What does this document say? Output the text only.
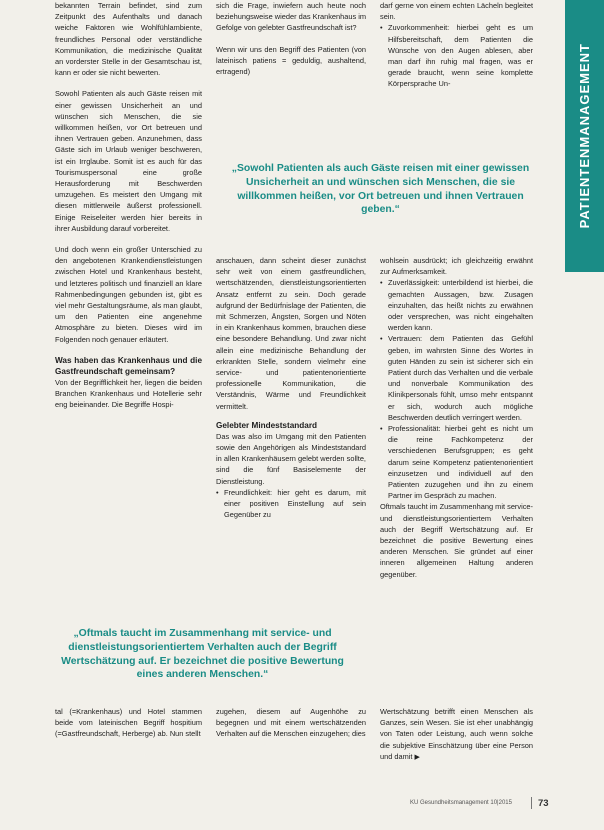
PATIENTENMANAGEMENT

bekannten Terrain befindet, sind zum Zeitpunkt des Aufenthalts und danach weiche Faktoren wie Wohlfühlambiente, freundliches Personal oder verständliche Kommunikation, die medizinische Qualität an vorderster Stelle in der Gesamtschau ist, kann er oder sie nicht bewerten.

Sowohl Patienten als auch Gäste reisen mit einer gewissen Unsicherheit an und wünschen sich Menschen, die sie willkommen heißen, vor Ort betreuen und ihnen Vertrauen geben. Anzunehmen, dass Gäste sich im Urlaub weniger beschweren, ist ein Irrglaube. Somit ist es auch für das Tourismuspersonal eine große Herausforderung mit Beschwerden umzugehen. Es meistert den Umgang mit diesen mittlerweile äußerst professionell. Einige Reiseleiter werden hier bereits in ihrer Ausbildung darauf vorbereitet.

Und doch wenn ein großer Unterschied zu den angebotenen Krankendienstleistungen zwischen Hotel und Krankenhaus besteht, und letzteres politisch und finanziell an klare Rahmenbedingungen gebunden ist, gibt es viel mehr Gestaltungsräume, als man glaubt, um den Patienten eine angenehme Atmosphäre zu bieten. Dieses wird im Folgenden noch genauer erläutert.

Was haben das Krankenhaus und die Gastfreundschaft gemeinsam?

Von der Begrifflichkeit her, liegen die beiden Branchen Krankenhaus und Hotellerie sehr eng beieinander. Die Begriffe Hospi-

sich die Frage, inwiefern auch heute noch beziehungsweise wieder das Krankenhaus im Gefolge von gelebter Gastfreundschaft ist?

Wenn wir uns den Begriff des Patienten (von lateinisch patiens = geduldig, aushaltend, ertragend)

darf gerne von einem echten Lächeln begleitet sein.

• Zuvorkommenheit: hierbei geht es um Hilfsbereitschaft, dem Patienten die Wünsche von den Augen ablesen, aber man darf ihn ruhig mal fragen, was er gerade braucht, wenn seine komplette Körpersprache Un-
„Sowohl Patienten als auch Gäste reisen mit einer gewissen Unsicherheit an und wünschen sich Menschen, die sie willkommen heißen, vor Ort betreuen und ihnen Vertrauen geben.“

anschauen, dann scheint dieser zunächst sehr weit von einem gastfreundlichen, wertschätzenden, dienstleistungsorientierten Ansatz entfernt zu sein. Doch gerade aufgrund der Bedürfnislage der Patienten, die mit Schmerzen, Ängsten, Sorgen und Nöten in ein Krankenhaus kommen, brauchen diese eine besondere Behandlung. Und zwar nicht allein eine medizinische Behandlung der erkrankten Stelle, sondern vielmehr eine service- und patientenorientierte professionelle Kommunikation, die Verständnis, Wärme und Freundlichkeit vermittelt.

Gelebter Mindeststandard

Das was also im Umgang mit den Patienten sowie den Angehörigen als Mindeststandard in allen Krankenhäusern gelebt werden sollte, sind die fünf Basiselemente der Dienstleistung.

• Freundlichkeit: hier geht es darum, mit einer positiven Einstellung auf sein Gegenüber zu

wohlsein ausdrückt; ich gleichzeitig erwähnt zur Aufmerksamkeit.

• Zuverlässigkeit: unterbildend ist hierbei, die gemachten Aussagen, bzw. Zusagen einzuhalten, das heißt nichts zu erwähnen oder versprechen, was nicht eingehalten werden kann.
• Vertrauen: dem Patienten das Gefühl geben, im wahrsten Sinne des Wortes in guten Händen zu sein ist sicherer sich ein Patient durch das Verhalten und die verbale und nonverbale Kommunikation des Klinikpersonals fühlt, umso mehr entspannt er sich, wodurch auch mögliche Beschwerden deutlich verringert werden.
• Professionalität: hierbei geht es nicht um die reine Fachkompetenz der verschiedenen Berufsgruppen; es geht darum seine Kompetenz patientenorientiert einzusetzen und individuell auf den Patienten zuzugehen und ihn zu einem Partner im Gespräch zu machen.

Oftmals taucht im Zusammenhang mit service- und dienstleistungsorientiertem Verhalten auch der Begriff Wertschätzung auf. Er bezeichnet die positive Bewertung eines anderen Menschen. Sie gründet auf einer inneren allgemeinen Haltung anderen gegenüber.

„Oftmals taucht im Zusammenhang mit service- und dienstleistungsorientiertem Verhalten auch der Begriff Wertschätzung auf. Er bezeichnet die positive Bewertung eines anderen Menschen.“

tal (=Krankenhaus) und Hotel stammen beide vom lateinischen Begriff hospitium (=Gastfreundschaft, Herberge) ab. Nun stellt

zugehen, diesem auf Augenhöhe zu begegnen und mit einem wertschätzenden Verhalten auf die Menschen einzugehen; dies

Wertschätzung betrifft einen Menschen als Ganzes, sein Wesen. Sie ist eher unabhängig von Taten oder Leistung, auch wenn solche die subjektive Einschätzung über eine Person und damit ▶

KU Gesundheitsmanagement 10|2015	73
